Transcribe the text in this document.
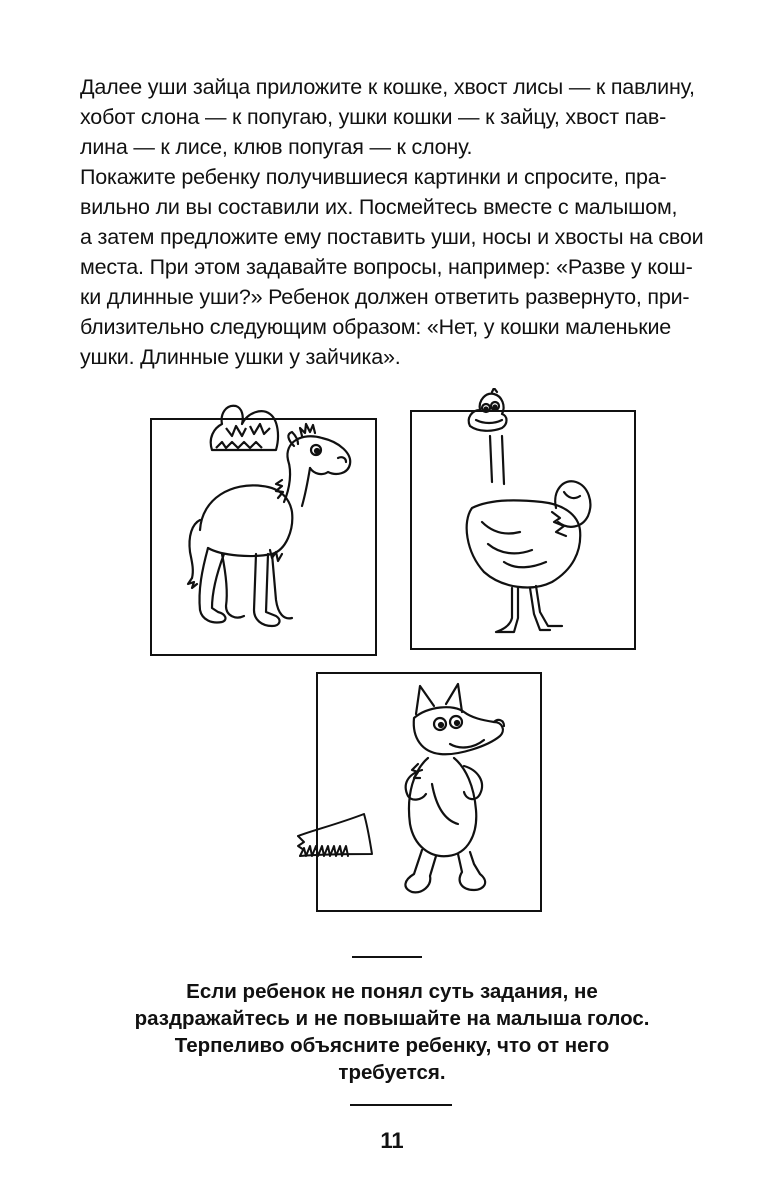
Далее уши зайца приложите к кошке, хвост лисы — к павлину,
хобот слона — к попугаю, ушки кошки — к зайцу, хвост пав-
лина — к лисе, клюв попугая — к слону.
Покажите ребенку получившиеся картинки и спросите, пра-
вильно ли вы составили их. Посмейтесь вместе с малышом,
а затем предложите ему поставить уши, носы и хвосты на свои
места. При этом задавайте вопросы, например: «Разве у кош-
ки длинные уши?» Ребенок должен ответить развернуто, при-
близительно следующим образом: «Нет, у кошки маленькие
ушки. Длинные ушки у зайчика».
Если ребенок не понял суть задания, не
раздражайтесь и не повышайте на малыша голос.
Терпеливо объясните ребенку, что от него
требуется.
11
